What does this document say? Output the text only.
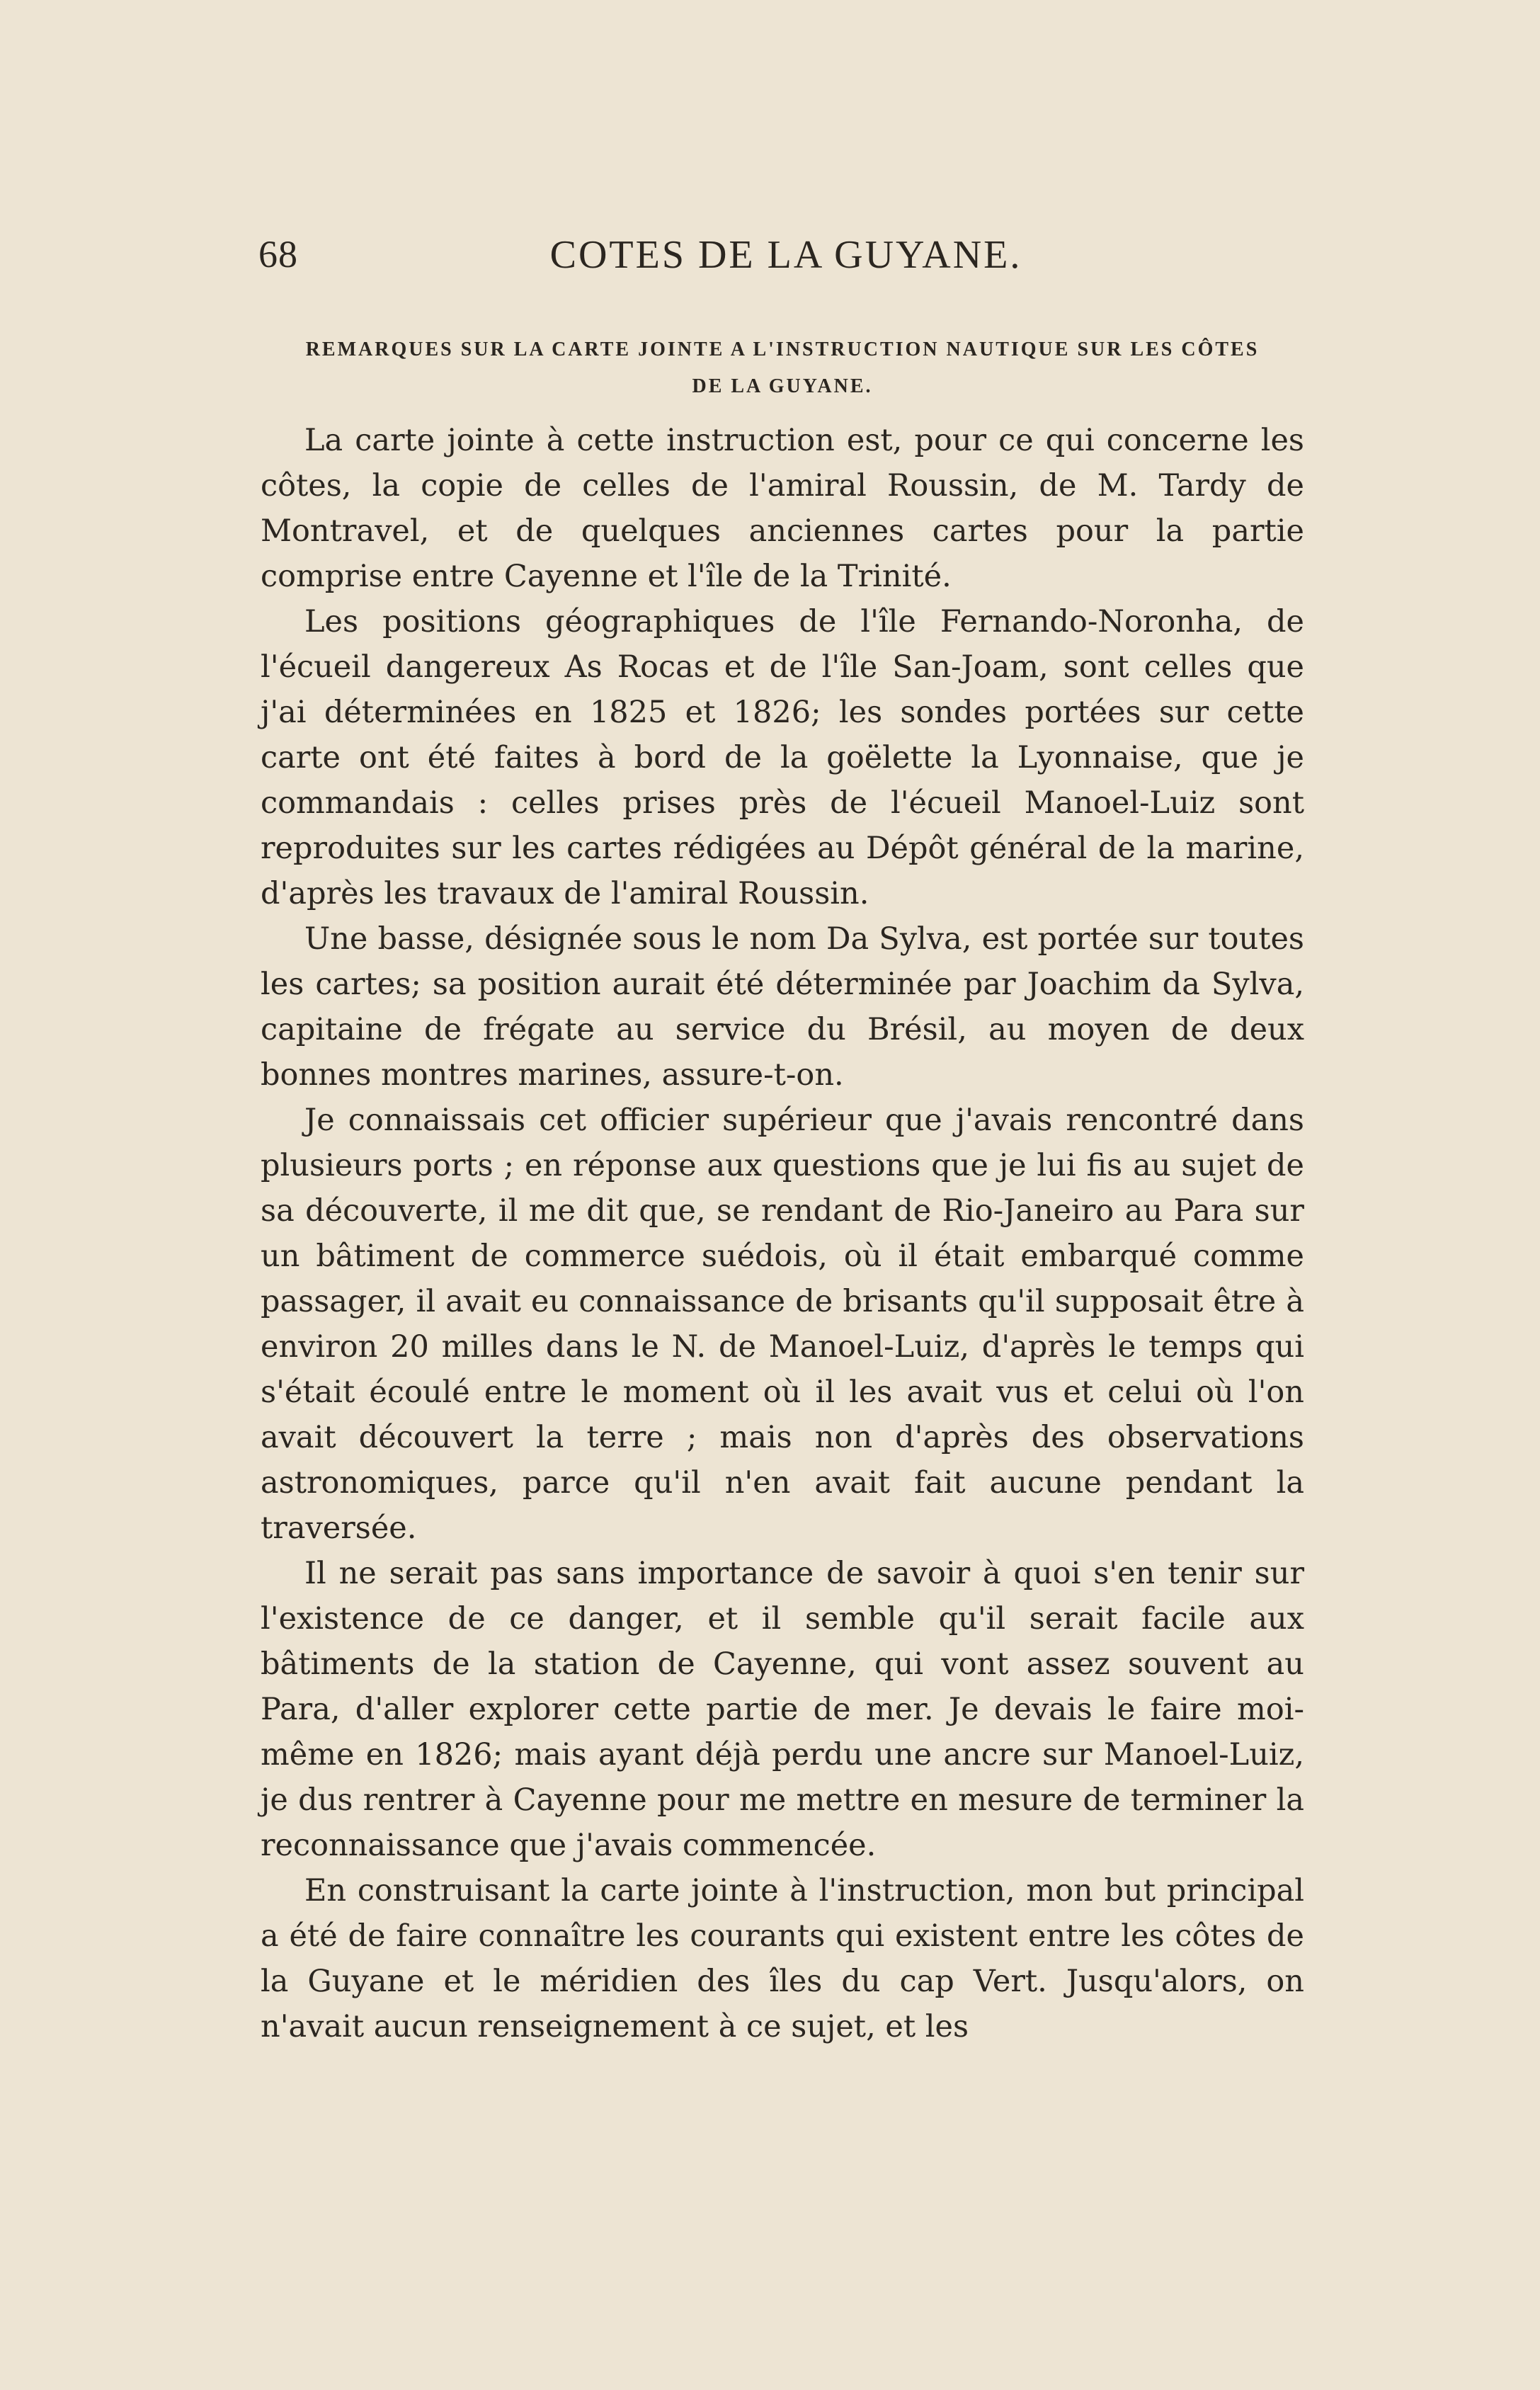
68	COTES DE LA GUYANE.
REMARQUES SUR LA CARTE JOINTE A L'INSTRUCTION NAUTIQUE SUR LES CÔTES
DE LA GUYANE.

La carte jointe à cette instruction est, pour ce qui concerne les côtes, la copie de celles de l'amiral Roussin, de M. Tardy de Montravel, et de quelques anciennes cartes pour la partie comprise entre Cayenne et l'île de la Trinité.

Les positions géographiques de l'île Fernando-Noronha, de l'écueil dangereux As Rocas et de l'île San-Joam, sont celles que j'ai déterminées en 1825 et 1826; les sondes portées sur cette carte ont été faites à bord de la goëlette la Lyonnaise, que je commandais : celles prises près de l'écueil Manoel-Luiz sont reproduites sur les cartes rédigées au Dépôt général de la marine, d'après les travaux de l'amiral Roussin.

Une basse, désignée sous le nom Da Sylva, est portée sur toutes les cartes; sa position aurait été déterminée par Joachim da Sylva, capitaine de frégate au service du Brésil, au moyen de deux bonnes montres marines, assure-t-on.

Je connaissais cet officier supérieur que j'avais rencontré dans plusieurs ports ; en réponse aux questions que je lui fis au sujet de sa découverte, il me dit que, se rendant de Rio-Janeiro au Para sur un bâtiment de commerce suédois, où il était embarqué comme passager, il avait eu connaissance de brisants qu'il supposait être à environ 20 milles dans le N. de Manoel-Luiz, d'après le temps qui s'était écoulé entre le moment où il les avait vus et celui où l'on avait découvert la terre ; mais non d'après des observations astronomiques, parce qu'il n'en avait fait aucune pendant la traversée.

Il ne serait pas sans importance de savoir à quoi s'en tenir sur l'existence de ce danger, et il semble qu'il serait facile aux bâtiments de la station de Cayenne, qui vont assez souvent au Para, d'aller explorer cette partie de mer. Je devais le faire moi-même en 1826; mais ayant déjà perdu une ancre sur Manoel-Luiz, je dus rentrer à Cayenne pour me mettre en mesure de terminer la reconnaissance que j'avais commencée.

En construisant la carte jointe à l'instruction, mon but principal a été de faire connaître les courants qui existent entre les côtes de la Guyane et le méridien des îles du cap Vert. Jusqu'alors, on n'avait aucun renseignement à ce sujet, et les
